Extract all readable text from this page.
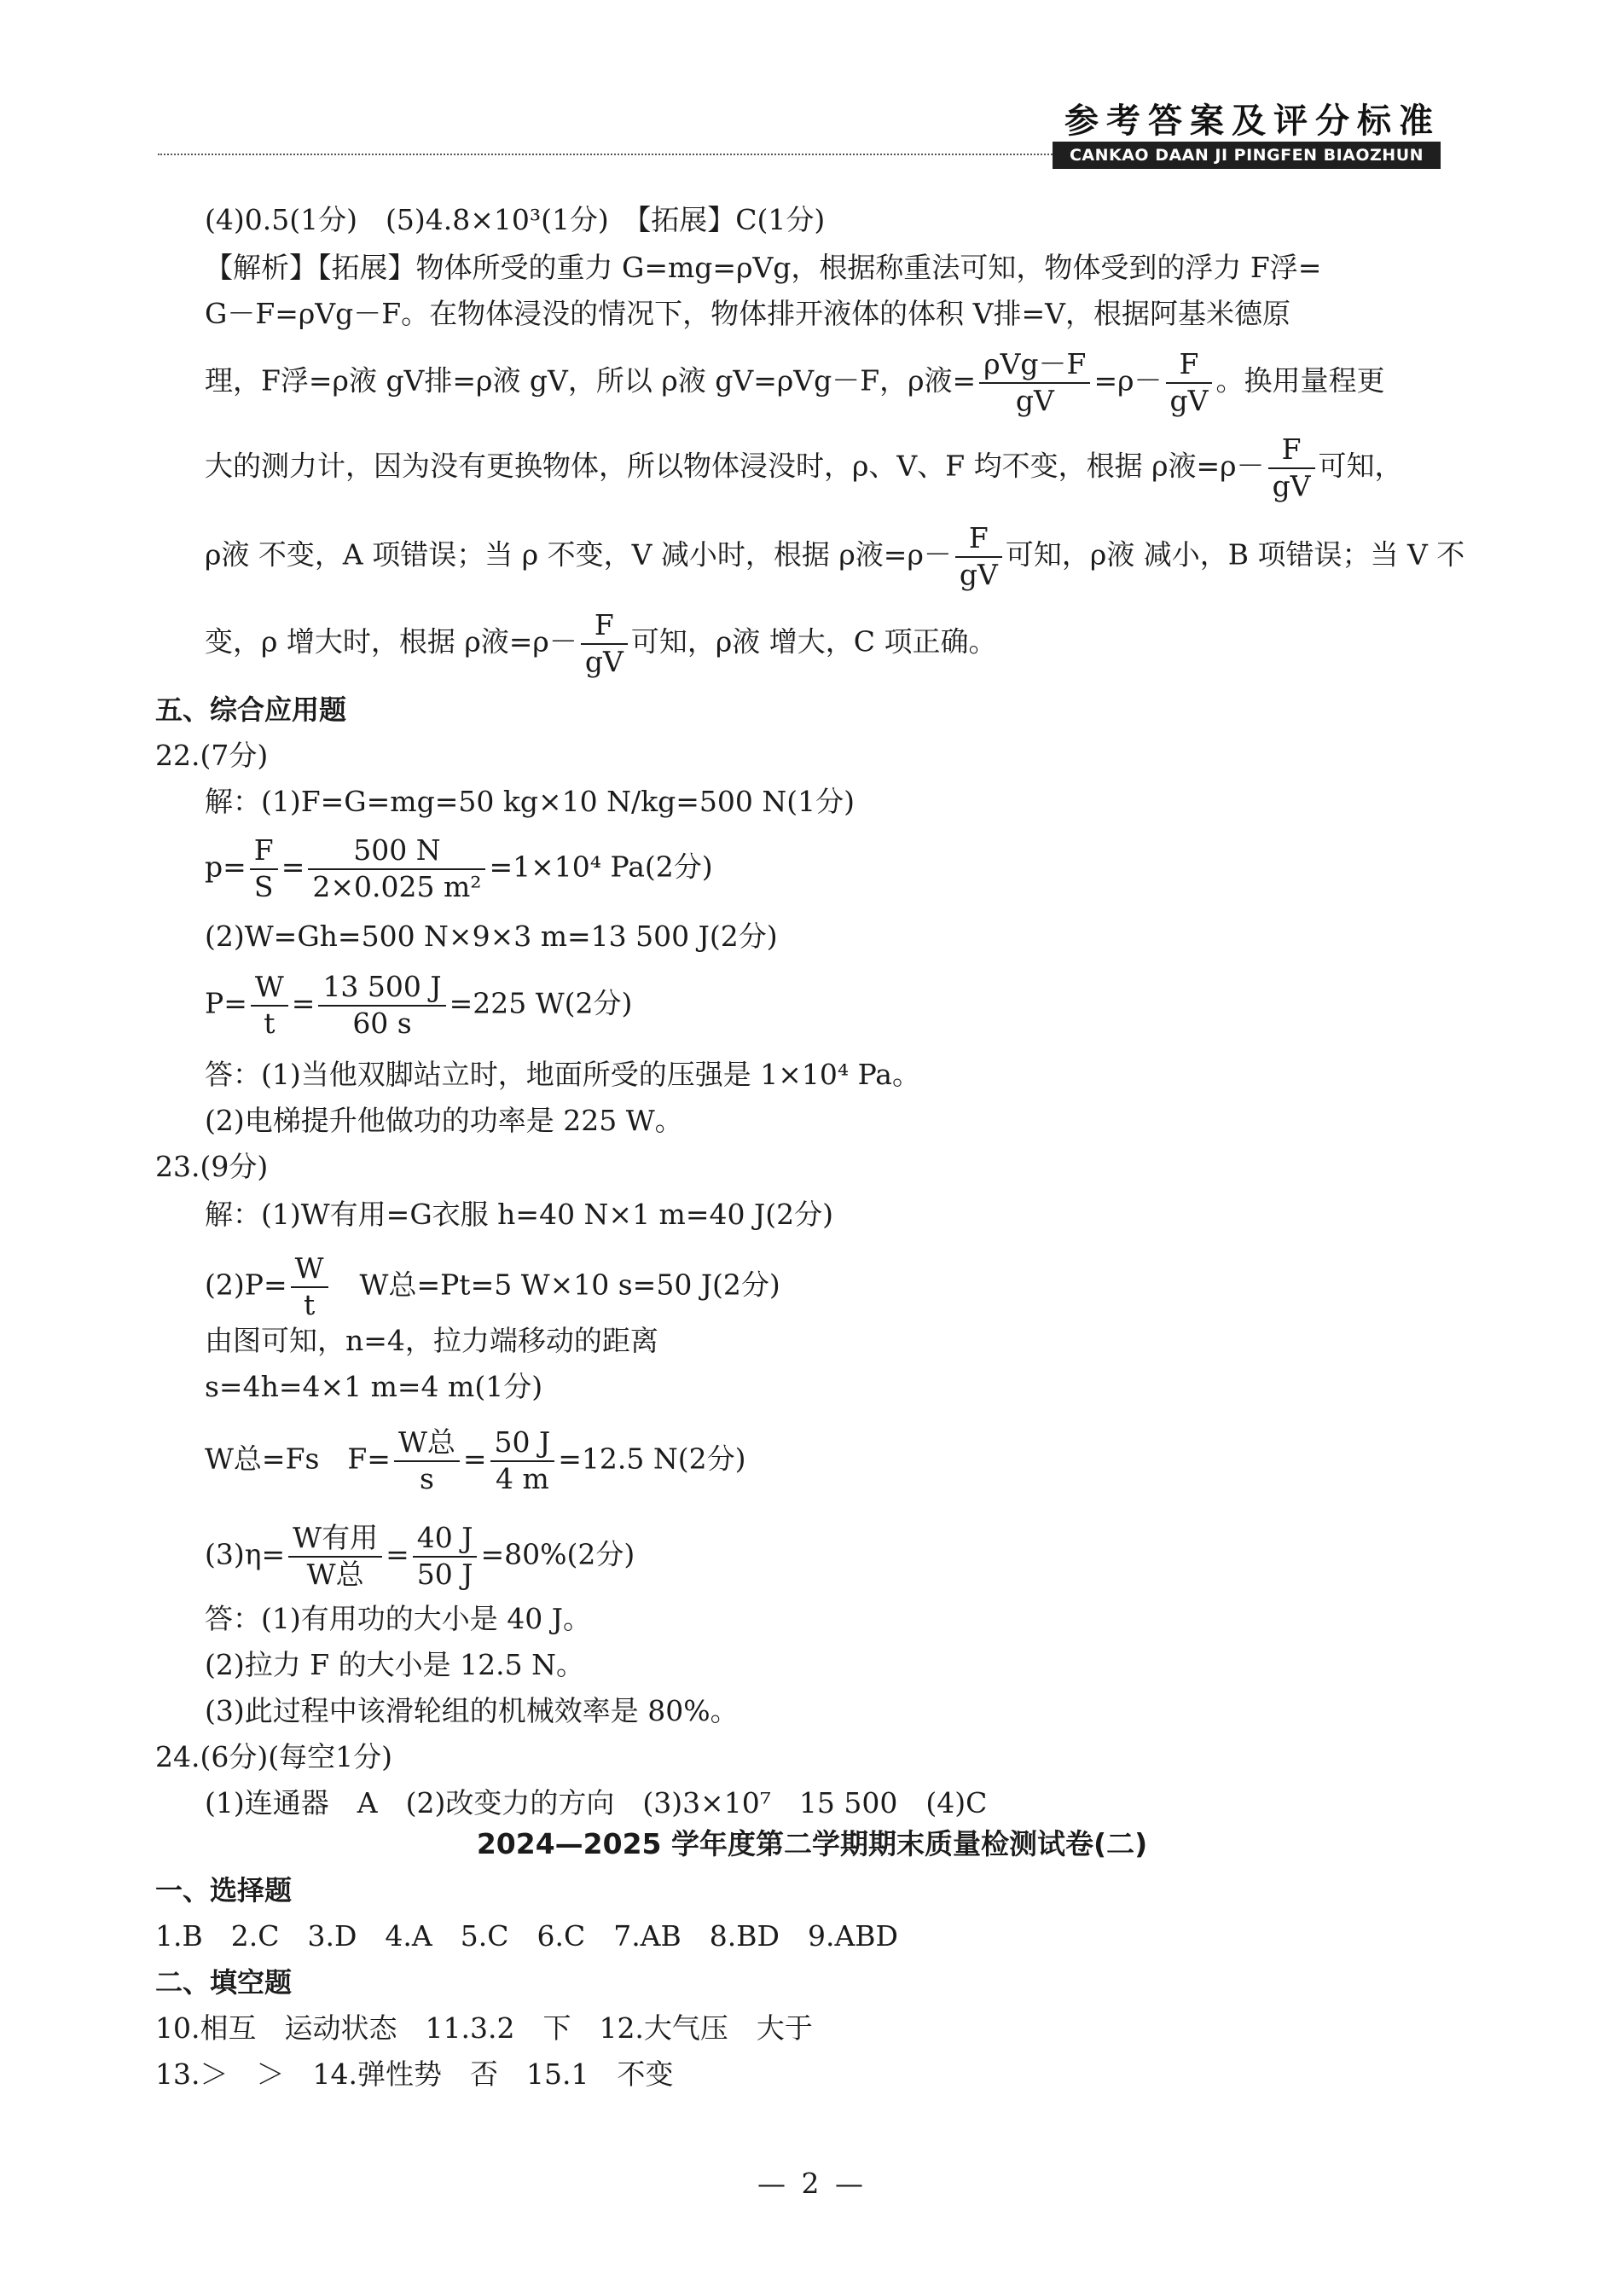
参考答案及评分标准
CANKAO DAAN JI PINGFEN BIAOZHUN
(4)0.5(1分)　(5)4.8×10³(1分)　【拓展】C(1分)
【解析】【拓展】物体所受的重力 G=mg=ρVg，根据称重法可知，物体受到的浮力 F浮=
G－F=ρVg－F。在物体浸没的情况下，物体排开液体的体积 V排=V，根据阿基米德原
理，F浮=ρ液 gV排=ρ液 gV，所以 ρ液 gV=ρVg－F，ρ液= $\frac{\text{ρVg－F}}{gV} =\rho- \frac{F}{gV}$ 。换用量程更
大的测力计，因为没有更换物体，所以物体浸没时，ρ、V、F 均不变，根据 ρ液$=\rho- \frac{F}{gV}$ 可知，
ρ液 不变，A 项错误；当 ρ 不变，V 减小时，根据 ρ液$=\rho- \frac{F}{gV}$ 可知，ρ液 减小，B 项错误；当 V 不
变，ρ 增大时，根据 ρ液$=\rho- \frac{F}{gV}$ 可知，ρ液 增大，C 项正确。
五、综合应用题
22.(7分)
解：(1)F=G=mg=50 kg×10 N/kg=500 N(1分)
$p= \frac{F}{S} = \frac{500 N}{\text{2×0.025 m²}} =1\times 10^4$ Pa(2分)
(2)W=Gh=500 N×9×3 m=13 500 J(2分)
$P= \frac{W}{t} = \frac{13 500 J}{60 s} =225$ W(2分)
答：(1)当他双脚站立时，地面所受的压强是 1×10⁴ Pa。
(2)电梯提升他做功的功率是 225 W。
23.(9分)
解：(1)W有用=G衣服 h=40 N×1 m=40 J(2分)
$(2)P= \frac{W}{t}$
　 W总=Pt=5 W×10 s=50 J(2分)
由图可知，n=4，拉力端移动的距离
s=4h=4×1 m=4 m(1分)
W总=Fs　$F= \frac{\text{W总}}{s} = \frac{50 J}{4 m} =12.5$ N(2分)
$(3)\eta= \frac{\text{W有用}}{\text{W总}} = \frac{40 J}{50 J} =80\%(2$分)
答：(1)有用功的大小是 40 J。
(2)拉力 F 的大小是 12.5 N。
(3)此过程中该滑轮组的机械效率是 80%。
24.(6分)(每空1分)
(1)连通器　A　(2)改变力的方向　(3)3×10⁷　15 500　(4)C
2024—2025 学年度第二学期期末质量检测试卷(二)
一、选择题
1.B　2.C　3.D　4.A　5.C　6.C　7.AB　8.BD　9.ABD
二、填空题
10.相互　运动状态　11.3.2　下　12.大气压　大于
13.＞　＞　14.弹性势　否　15.1　不变
— 2 —
